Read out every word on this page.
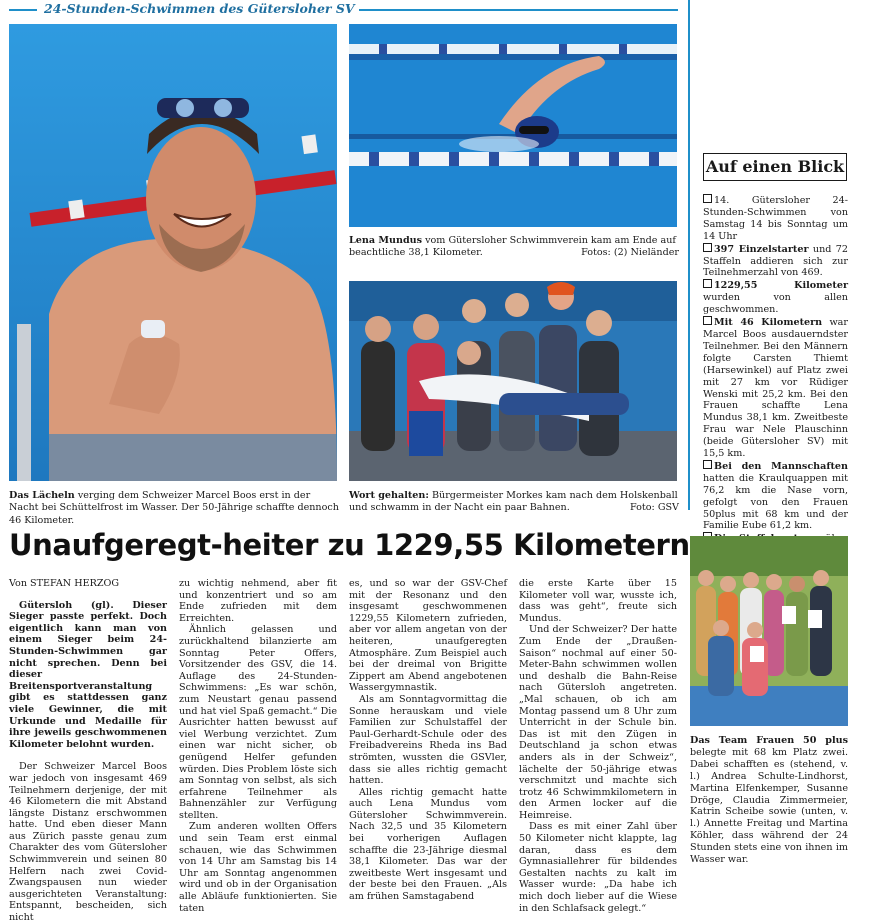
24-Stunden-Schwimmen des Gütersloher SV
Das Lächeln verging dem Schweizer Marcel Boos erst in der Nacht bei Schüttelfrost im Wasser. Der 50-Jährige schaffte dennoch 46 Kilometer.
Lena Mundus vom Gütersloher Schwimmverein kam am Ende auf beachtliche 38,1 Kilometer.	Fotos: (2) Nieländer
Wort gehalten: Bürgermeister Morkes kam nach dem Holskenball und schwamm in der Nacht ein paar Bahnen.	Foto: GSV
Auf einen Blick

14. Gütersloher 24-Stunden-Schwimmen von Samstag 14 bis Sonntag um 14 Uhr

397 Einzelstarter und 72 Staffeln addieren sich zur Teilnehmerzahl von 469.

1229,55 Kilometer wurden von allen geschwommen.

Mit 46 Kilometern war Marcel Boos ausdauerndster Teilnehmer. Bei den Männern folgte Carsten Thiemt (Harsewinkel) auf Platz zwei mit 27 km vor Rüdiger Wenski mit 25,2 km. Bei den Frauen schaffte Lena Mundus 38,1 km. Zweitbeste Frau war Nele Plauschinn (beide Gütersloher SV) mit 15,5 km.

Bei den Mannschaften hatten die Kraulquappen mit 76,2 km die Nase vorn, gefolgt von den Frauen 50plus mit 68 km und der Familie Eube 61,2 km.

Unaufgeregt-heiter zu 1229,55 Kilometern
Von STEFAN HERZOG

Gütersloh (gl). Dieser Sieger passte perfekt. Doch eigentlich kann man von einem Sieger beim 24-Stunden-Schwimmen gar nicht sprechen. Denn bei dieser Breitensportveranstaltung gibt es stattdessen ganz viele Gewinner, die mit Urkunde und Medaille für ihre jeweils geschwommenen Kilometer belohnt wurden.

Der Schweizer Marcel Boos war jedoch von insgesamt 469 Teilnehmern derjenige, der mit 46 Kilometern die mit Abstand längste Distanz erschwommen hatte. Und eben dieser Mann aus Zürich passte genau zum Charakter des vom Gütersloher Schwimmverein und seinen 80 Helfern nach zwei Covid-Zwangspausen nun wieder ausgerichteten Veranstaltung: Entspannt, bescheiden, sich nicht

zu wichtig nehmend, aber fit und konzentriert und so am Ende zufrieden mit dem Erreichten.

Ähnlich gelassen und zurückhaltend bilanzierte am Sonntag Peter Offers, Vorsitzender des GSV, die 14. Auflage des 24-Stunden-Schwimmens: „Es war schön, zum Neustart genau passend und hat viel Spaß gemacht.“ Die Ausrichter hatten bewusst auf viel Werbung verzichtet. Zum einen war nicht sicher, ob genügend Helfer gefunden würden. Dies Problem löste sich am Sonntag von selbst, als sich erfahrene Teilnehmer als Bahnenzähler zur Verfügung stellten.

Zum anderen wollten Offers und sein Team erst einmal schauen, wie das Schwimmen von 14 Uhr am Samstag bis 14 Uhr am Sonntag angenommen wird und ob in der Organisation alle Abläufe funktionierten. Sie taten

es, und so war der GSV-Chef mit der Resonanz und den insgesamt geschwommenen 1229,55 Kilometern zufrieden, aber vor allem angetan von der heiteren, unaufgeregten Atmosphäre. Zum Beispiel auch bei der dreimal von Brigitte Zippert am Abend angebotenen Wassergymnastik.

Als am Sonntagvormittag die Sonne herauskam und viele Familien zur Schulstaffel der Paul-Gerhardt-Schule oder des Freibadvereins Rheda ins Bad strömten, wussten die GSVler, dass sie alles richtig gemacht hatten.

Alles richtig gemacht hatte auch Lena Mundus vom Gütersloher Schwimmverein. Nach 32,5 und 35 Kilometern bei vorherigen Auflagen schaffte die 23-Jährige diesmal 38,1 Kilometer. Das war der zweitbeste Wert insgesamt und der beste bei den Frauen. „Als am frühen Samstagabend

die erste Karte über 15 Kilometer voll war, wusste ich, dass was geht“, freute sich Mundus.

Und der Schweizer? Der hatte Zum Ende der „Draußen-Saison“ nochmal auf einer 50-Meter-Bahn schwimmen wollen und deshalb die Bahn-Reise nach Gütersloh angetreten. „Mal schauen, ob ich am Montag passend um 8 Uhr zum Unterricht in der Schule bin. Das ist mit den Zügen in Deutschland ja schon etwas anders als in der Schweiz“, lächelte der 50-jährige etwas verschmitzt und machte sich trotz 46 Schwimmkilometern in den Armen locker auf die Heimreise.

Dass es mit einer Zahl über 50 Kilometer nicht klappte, lag daran, dass es dem Gymnasiallehrer für bildendes Gestalten nachts zu kalt im Wasser wurde: „Da habe ich mich doch lieber auf die Wiese in den Schlafsack gelegt.“

Das Team Frauen 50 plus belegte mit 68 km Platz zwei. Dabei schafften es (stehend, v. l.) Andrea Schulte-Lindhorst, Martina Elfenkemper, Susanne Dröge, Claudia Zimmermeier, Katrin Scheibe sowie (unten, v. l.) Annette Freitag und Martina Köhler, dass während der 24 Stunden stets eine von ihnen im Wasser war.
